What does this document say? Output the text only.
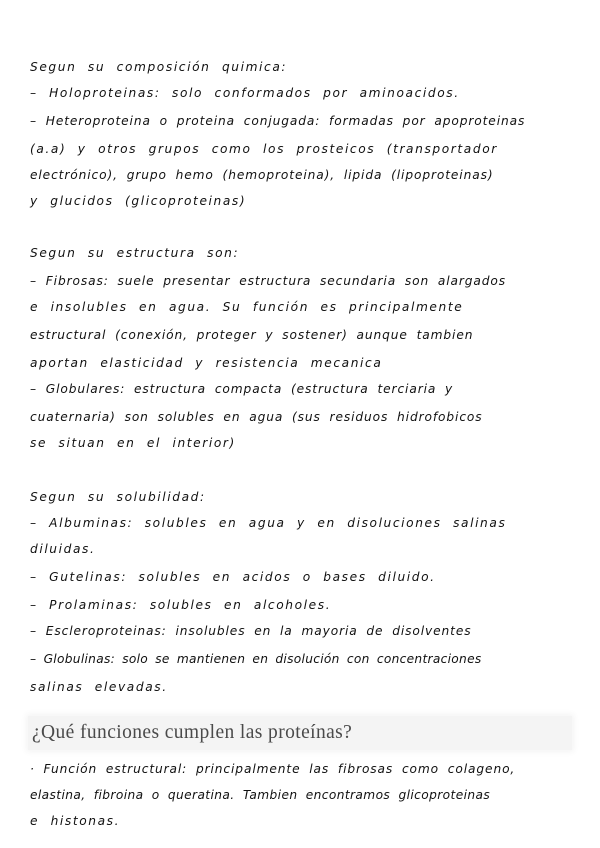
Segun su composición quimica:
– Holoproteinas: solo conformados por aminoacidos.
– Heteroproteina o proteina conjugada: formadas por apoproteinas
(a.a) y otros grupos como los prosteicos (transportador
electrónico), grupo hemo (hemoproteina), lipida (lipoproteinas)
y glucidos (glicoproteinas)
Segun su estructura son:
– Fibrosas: suele presentar estructura secundaria son alargados
e insolubles en agua. Su función es principalmente
estructural (conexión, proteger y sostener) aunque tambien
aportan elasticidad y resistencia mecanica
– Globulares: estructura compacta (estructura terciaria y
cuaternaria) son solubles en agua (sus residuos hidrofobicos
se situan en el interior)
Segun su solubilidad:
– Albuminas: solubles en agua y en disoluciones salinas
diluidas.
– Gutelinas: solubles en acidos o bases diluido.
– Prolaminas: solubles en alcoholes.
– Escleroproteinas: insolubles en la mayoria de disolventes
– Globulinas: solo se mantienen en disolución con concentraciones
salinas elevadas.
¿Qué funciones cumplen las proteínas?
· Función estructural: principalmente las fibrosas como colageno,
elastina, fibroina o queratina. Tambien encontramos glicoproteinas
e histonas.
